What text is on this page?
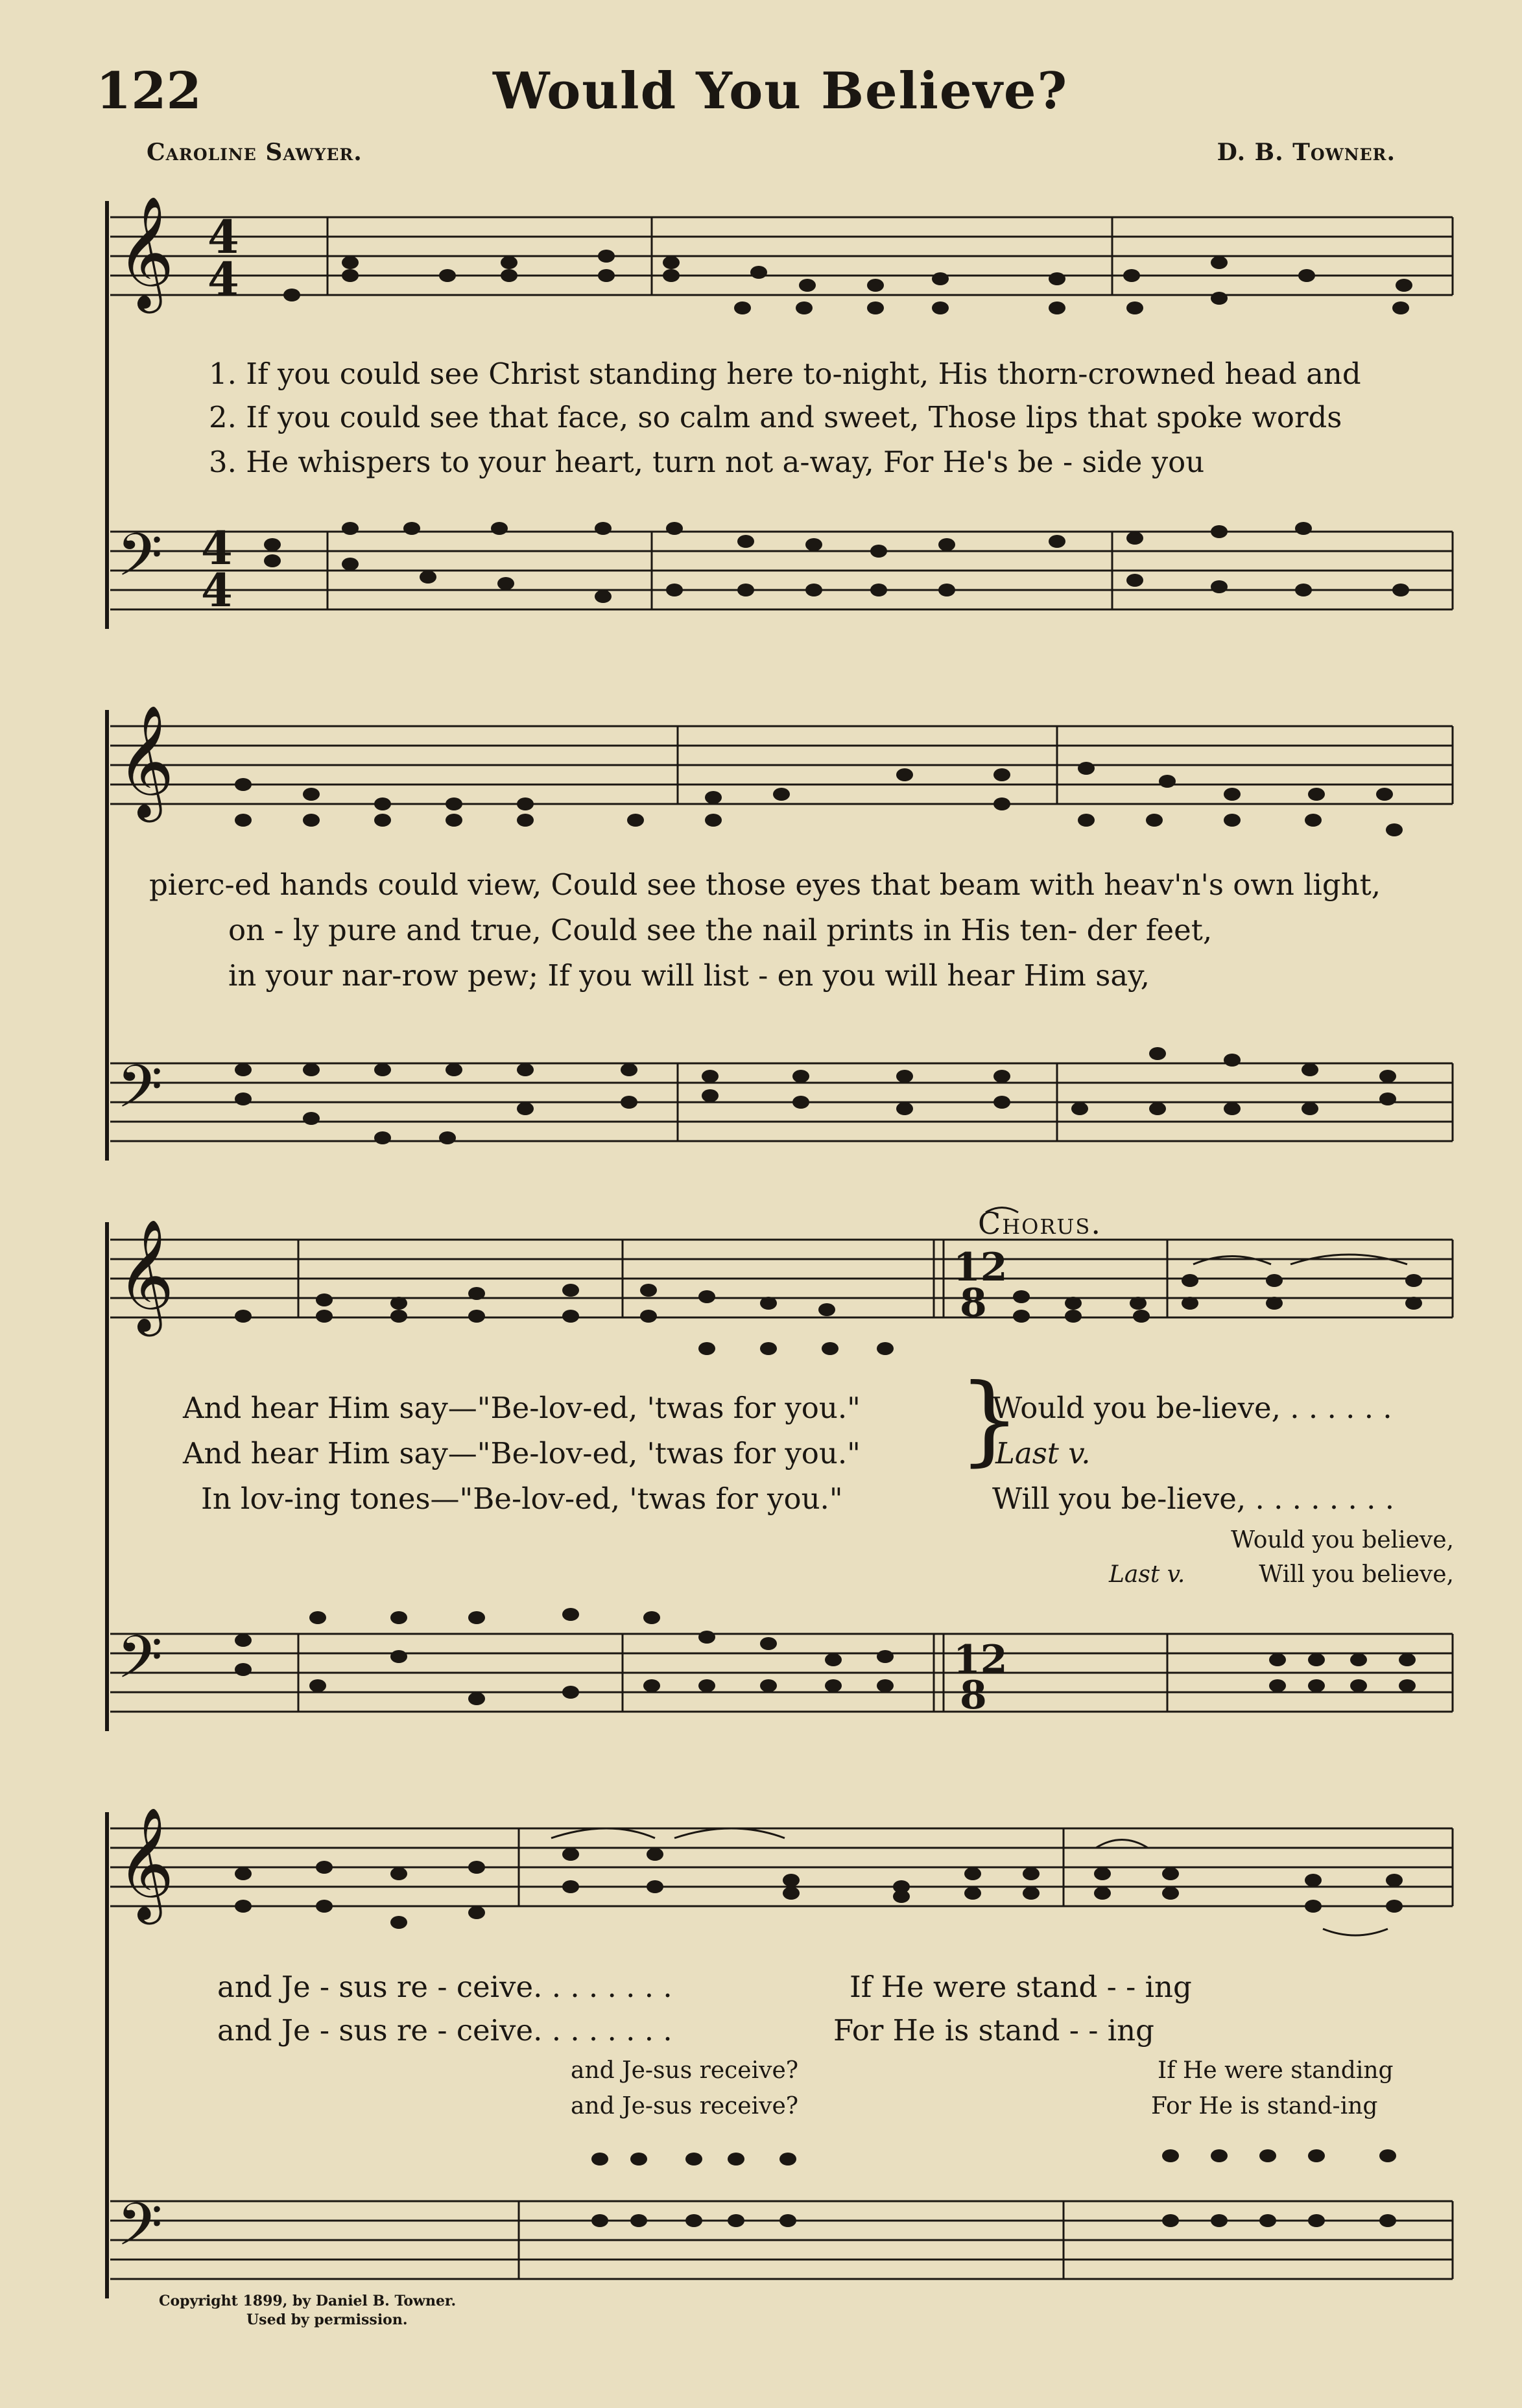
122	Would You Believe?
Caroline Sawyer.	D. B. Towner.
𝄞
𝄢
4
4
4
4
𝄞
𝄢
𝄞
𝄢
𝄞
𝄢
12
8
12
8
1. If you could see Christ standing here to-night, His thorn-crowned head and
2. If you could see that face, so calm and sweet, Those lips that spoke words
3. He whispers to your heart, turn not a-way, For He's be - side you
pierc-ed hands could view, Could see those eyes that beam with heav'n's own light,
on - ly pure and true, Could see the nail prints in His ten- der feet,
in your nar-row pew; If you will list - en you will hear Him say,
Chorus.
And hear Him say—"Be-lov-ed, 'twas for you."
And hear Him say—"Be-lov-ed, 'twas for you."
In lov-ing tones—"Be-lov-ed, 'twas for you."
}
Would you be-lieve, . . . . . .
Last v.
Will you be-lieve, . . . . . . . .
Would you believe,
Last v.	Will you believe,
and Je - sus re - ceive. . . . . . . .	If He were stand - - ing
and Je - sus re - ceive. . . . . . . .	For He is stand - - ing
and Je-sus receive?
and Je-sus receive?
If He were standing
For He is stand-ing
Copyright 1899, by Daniel B. Towner.
Used by permission.
